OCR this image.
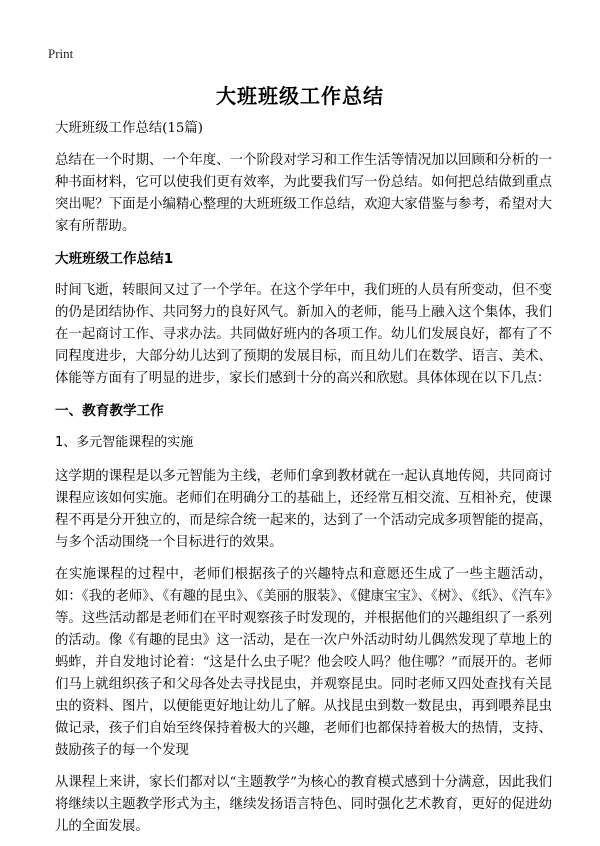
Print
大班班级工作总结

大班班级工作总结(15篇)

总结在一个时期、一个年度、一个阶段对学习和工作生活等情况加以回顾和分析的一种书面材料，它可以使我们更有效率，为此要我们写一份总结。如何把总结做到重点突出呢？下面是小编精心整理的大班班级工作总结，欢迎大家借鉴与参考，希望对大家有所帮助。

大班班级工作总结1

时间飞逝，转眼间又过了一个学年。在这个学年中，我们班的人员有所变动，但不变的仍是团结协作、共同努力的良好风气。新加入的老师，能马上融入这个集体，我们在一起商讨工作、寻求办法。共同做好班内的各项工作。幼儿们发展良好，都有了不同程度进步，大部分幼儿达到了预期的发展目标，而且幼儿们在数学、语言、美术、体能等方面有了明显的进步，家长们感到十分的高兴和欣慰。具体体现在以下几点：

一、教育教学工作

1、多元智能课程的实施

这学期的课程是以多元智能为主线，老师们拿到教材就在一起认真地传阅，共同商讨课程应该如何实施。老师们在明确分工的基础上，还经常互相交流、互相补充，使课程不再是分开独立的，而是综合统一起来的，达到了一个活动完成多项智能的提高，与多个活动围绕一个目标进行的效果。

在实施课程的过程中，老师们根据孩子的兴趣特点和意愿还生成了一些主题活动，如：《我的老师》、《有趣的昆虫》、《美丽的服装》、《健康宝宝》、《树》、《纸》、《汽车》等。这些活动都是老师们在平时观察孩子时发现的，并根据他们的兴趣组织了一系列的活动。像《有趣的昆虫》这一活动，是在一次户外活动时幼儿偶然发现了草地上的蚂蚱，并自发地讨论着：“这是什么虫子呢？他会咬人吗？他住哪？”而展开的。老师们马上就组织孩子和父母各处去寻找昆虫，并观察昆虫。同时老师又四处查找有关昆虫的资料、图片，以便能更好地让幼儿了解。从找昆虫到数一数昆虫，再到喂养昆虫做记录，孩子们自始至终保持着极大的兴趣，老师们也都保持着极大的热情，支持、鼓励孩子的每一个发现

从课程上来讲，家长们都对以“主题教学”为核心的教育模式感到十分满意，因此我们将继续以主题教学形式为主，继续发扬语言特色、同时强化艺术教育，更好的促进幼儿的全面发展。
